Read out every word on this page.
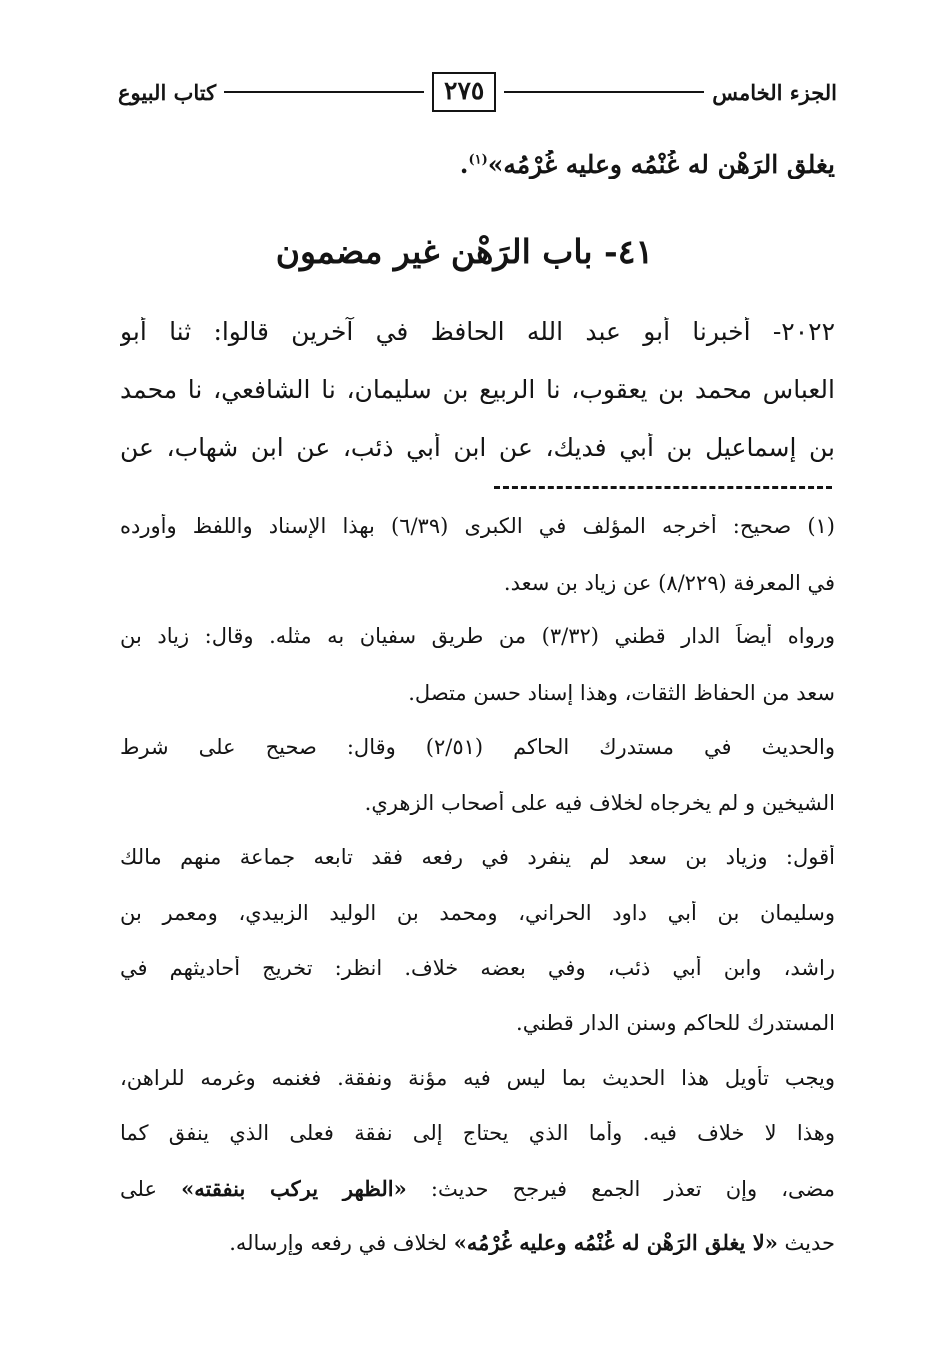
الجزء الخامس
٢٧٥
كتاب البيوع
يغلق الرَهْن له غُنْمُه وعليه غُرْمُه»$^{(١)}$.
٤١- باب الرَهْن غير مضمون
٢٠٢٢- أخبرنا أبو عبد الله الحافظ في آخرين قالوا: ثنا أبو
العباس محمد بن يعقوب، نا الربيع بن سليمان، نا الشافعي، نا محمد
بن إسماعيل بن أبي فديك، عن ابن أبي ذئب، عن ابن شهاب، عن
(١) صحيح: أخرجه المؤلف في الكبرى (٦/٣٩) بهذا الإسناد واللفظ وأورده
في المعرفة (٨/٢٢٩) عن زياد بن سعد.
ورواه أيضاً الدار قطني (٣/٣٢) من طريق سفيان به مثله. وقال: زياد بن
سعد من الحفاظ الثقات، وهذا إسناد حسن متصل.
والحديث في مستدرك الحاكم (٢/٥١) وقال: صحيح على شرط
الشيخين و لم يخرجاه لخلاف فيه على أصحاب الزهري.
أقول: وزياد بن سعد لم ينفرد في رفعه فقد تابعه جماعة منهم مالك
وسليمان بن أبي داود الحراني، ومحمد بن الوليد الزبيدي، ومعمر بن
راشد، وابن أبي ذئب، وفي بعضه خلاف. انظر: تخريج أحاديثهم في
المستدرك للحاكم وسنن الدار قطني.
ويجب تأويل هذا الحديث بما ليس فيه مؤنة ونفقة. فغنمه وغرمه للراهن،
وهذا لا خلاف فيه. وأما الذي يحتاج إلى نفقة فعلى الذي ينفق كما
مضى، وإن تعذر الجمع فيرجح حديث: «الظهر يركب بنفقته» على
حديث «لا يغلق الرَهْن له غُنْمُه وعليه غُرْمُه» لخلاف في رفعه وإرساله.
